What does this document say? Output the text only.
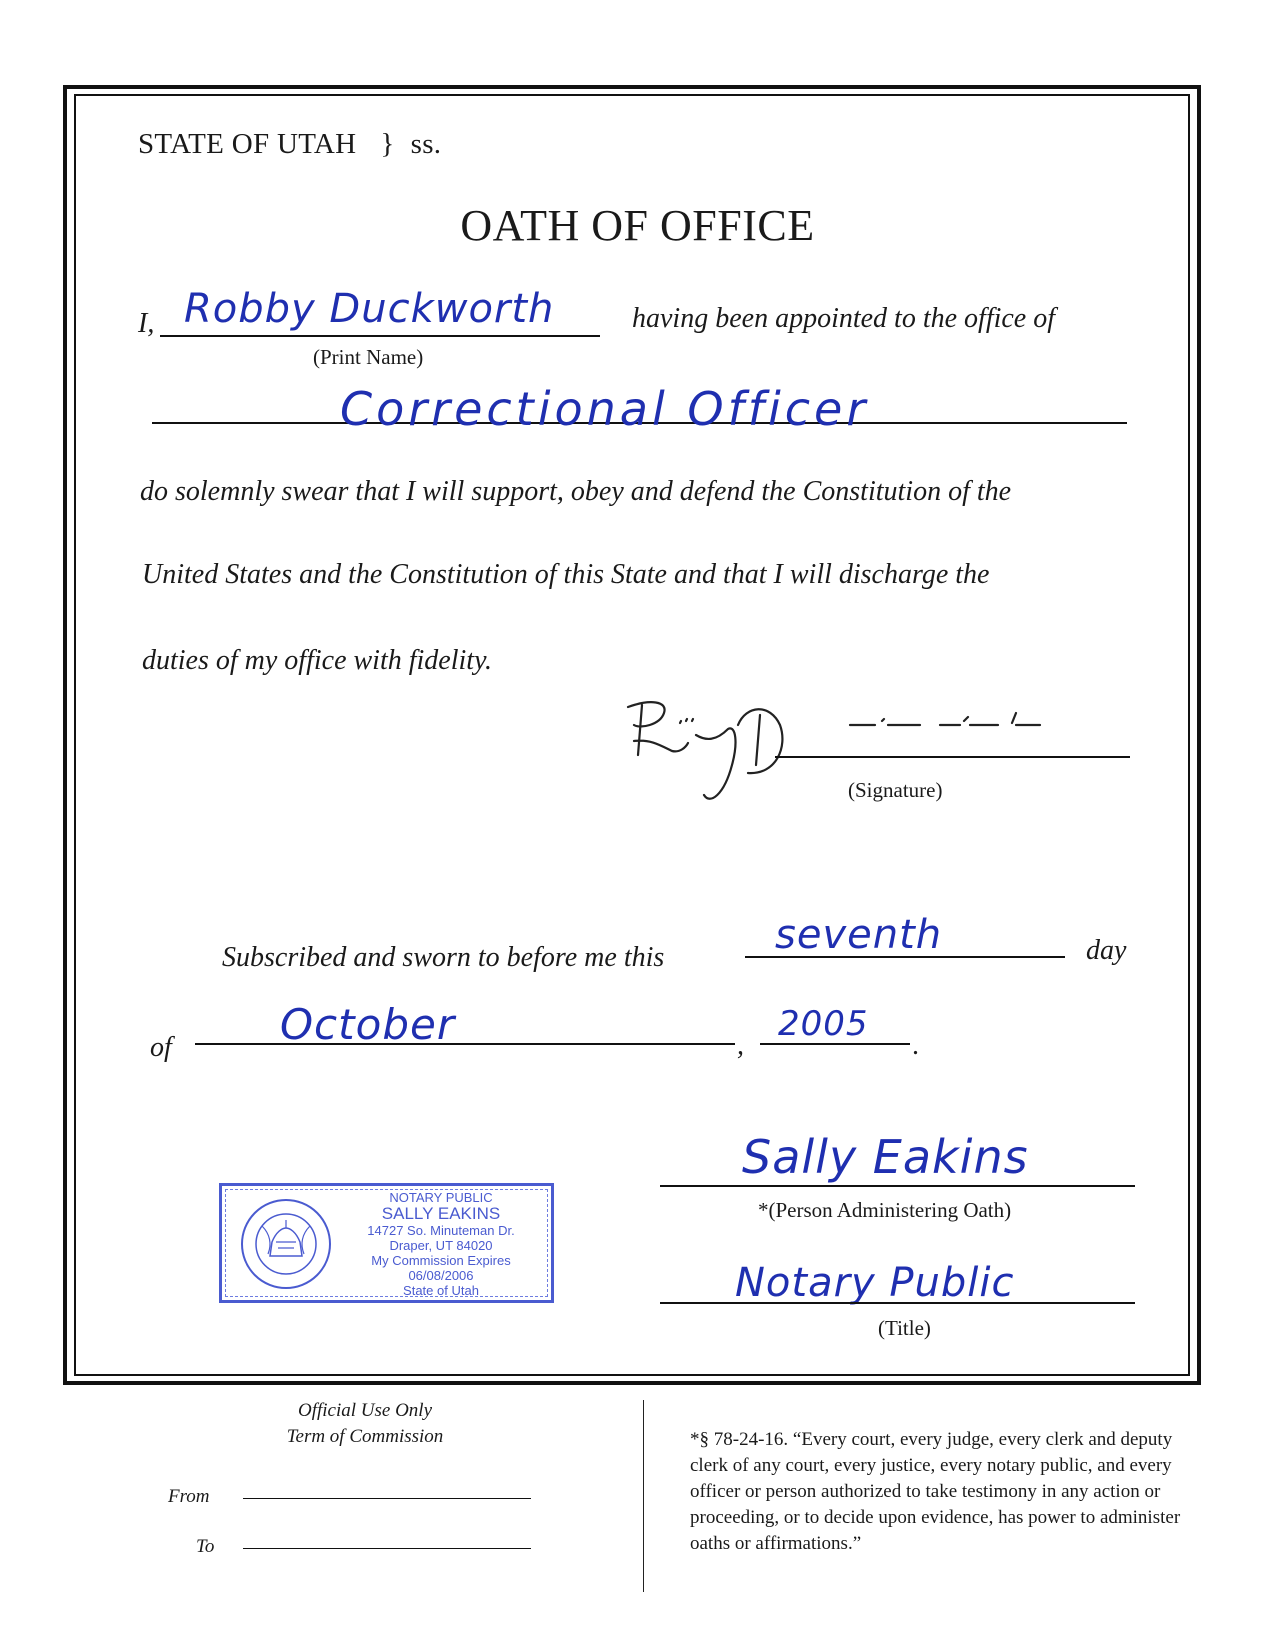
STATE OF UTAH } ss.
OATH OF OFFICE
I, Robby Duckworth
(Print Name)
having been appointed to the office of
Correctional Officer
do solemnly swear that I will support, obey and defend the Constitution of the
United States and the Constitution of this State and that I will discharge the
duties of my office with fidelity.
(Signature)
Subscribed and sworn to before me this	seventh	day
of	October	,
2005
.
NOTARY PUBLIC
SALLY EAKINS
14727 So. Minuteman Dr.
Draper, UT 84020
My Commission Expires 06/08/2006
State of Utah
Sally Eakins
*(Person Administering Oath)
Notary Public
(Title)
Official Use Only
Term of Commission
From
To
*§ 78-24-16. “Every court, every judge, every clerk and deputy clerk of any court, every justice, every notary public, and every officer or person authorized to take testimony in any action or proceeding, or to decide upon evidence, has power to administer oaths or affirmations.”
